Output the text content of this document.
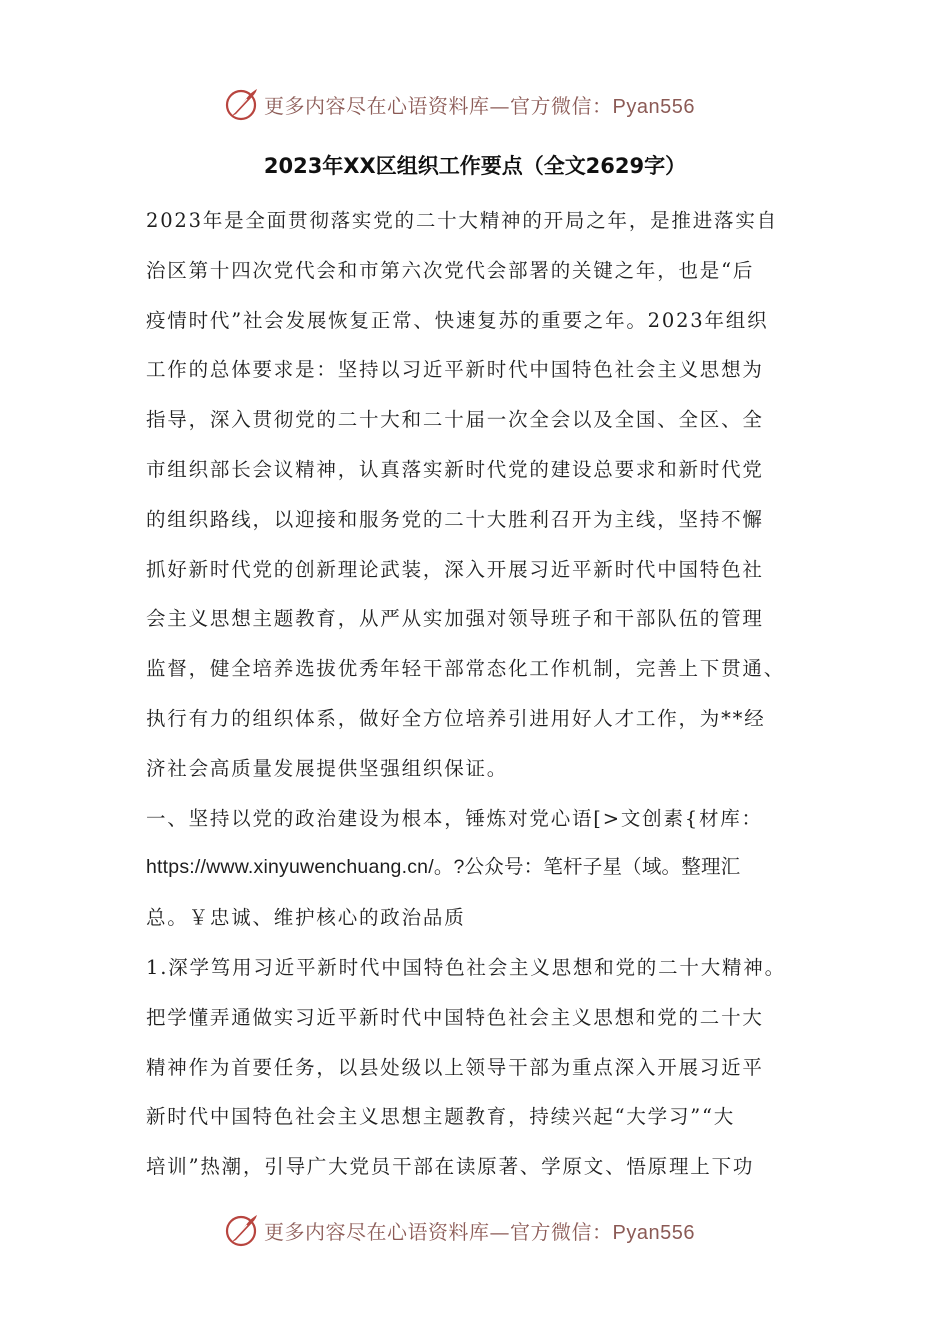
更多内容尽在心语资料库—官方微信：Pyan556
2023年XX区组织工作要点（全文2629字）
2023年是全面贯彻落实党的二十大精神的开局之年，是推进落实自
治区第十四次党代会和市第六次党代会部署的关键之年，也是“后
疫情时代”社会发展恢复正常、快速复苏的重要之年。2023年组织
工作的总体要求是：坚持以习近平新时代中国特色社会主义思想为
指导，深入贯彻党的二十大和二十届一次全会以及全国、全区、全
市组织部长会议精神，认真落实新时代党的建设总要求和新时代党
的组织路线，以迎接和服务党的二十大胜利召开为主线，坚持不懈
抓好新时代党的创新理论武装，深入开展习近平新时代中国特色社
会主义思想主题教育，从严从实加强对领导班子和干部队伍的管理
监督，健全培养选拔优秀年轻干部常态化工作机制，完善上下贯通、
执行有力的组织体系，做好全方位培养引进用好人才工作，为**经
济社会高质量发展提供坚强组织保证。
一、坚持以党的政治建设为根本，锤炼对党心语[>文创素{材库：
https://www.xinyuwenchuang.cn/。?公众号：笔杆子星（域。整理汇
总。￥忠诚、维护核心的政治品质
1.深学笃用习近平新时代中国特色社会主义思想和党的二十大精神。
把学懂弄通做实习近平新时代中国特色社会主义思想和党的二十大
精神作为首要任务，以县处级以上领导干部为重点深入开展习近平
新时代中国特色社会主义思想主题教育，持续兴起“大学习”“大
培训”热潮，引导广大党员干部在读原著、学原文、悟原理上下功
更多内容尽在心语资料库—官方微信：Pyan556
